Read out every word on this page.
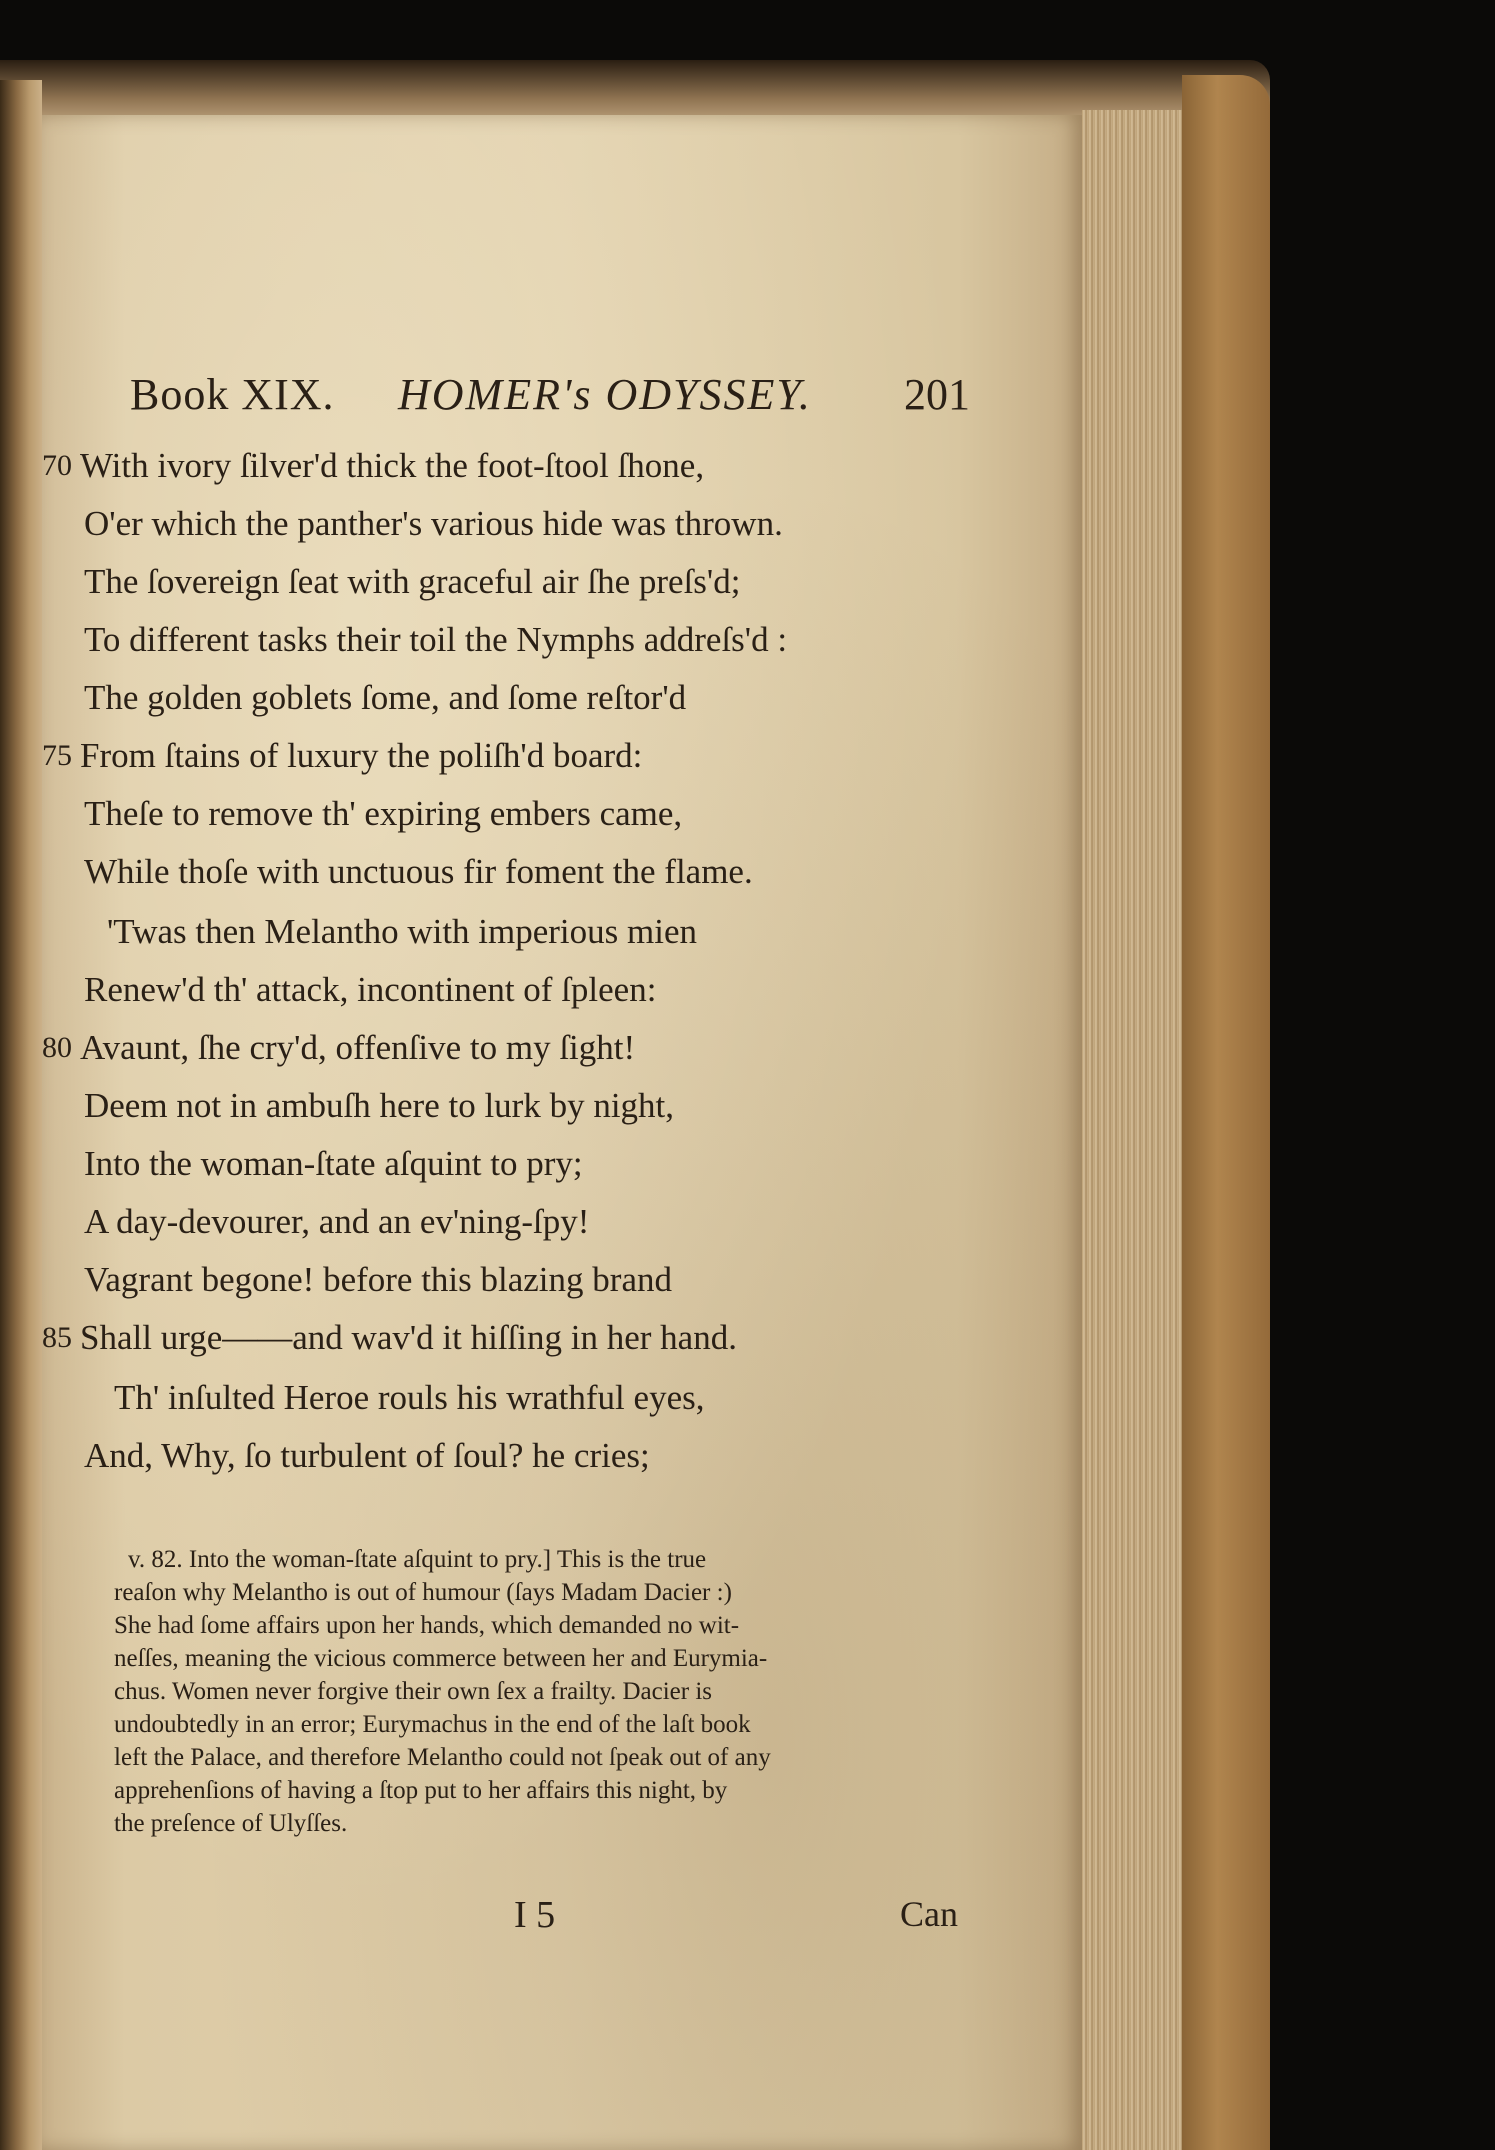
Book XIX. HOMER's ODYSSEY. 201
70 With ivory ſilver'd thick the foot-ſtool ſhone,
O'er which the panther's various hide was thrown.
The ſovereign ſeat with graceful air ſhe preſs'd;
To different tasks their toil the Nymphs addreſs'd :
The golden goblets ſome, and ſome reſtor'd
75 From ſtains of luxury the poliſh'd board:
Theſe to remove th' expiring embers came,
While thoſe with unctuous fir foment the flame.
'Twas then Melantho with imperious mien
Renew'd th' attack, incontinent of ſpleen:
80 Avaunt, ſhe cry'd, offenſive to my ſight!
Deem not in ambuſh here to lurk by night,
Into the woman-ſtate aſquint to pry;
A day-devourer, and an ev'ning-ſpy!
Vagrant begone! before this blazing brand
85 Shall urge——and wav'd it hiſſing in her hand.
Th' inſulted Heroe rouls his wrathful eyes,
And, Why, ſo turbulent of ſoul? he cries;
v. 82. Into the woman-ſtate aſquint to pry.] This is the true
reaſon why Melantho is out of humour (ſays Madam Dacier :)
She had ſome affairs upon her hands, which demanded no wit-
neſſes, meaning the vicious commerce between her and Eurymia-
chus. Women never forgive their own ſex a frailty. Dacier is
undoubtedly in an error; Eurymachus in the end of the laſt book
left the Palace, and therefore Melantho could not ſpeak out of any
apprehenſions of having a ſtop put to her affairs this night, by
the preſence of Ulyſſes.
I 5	Can
